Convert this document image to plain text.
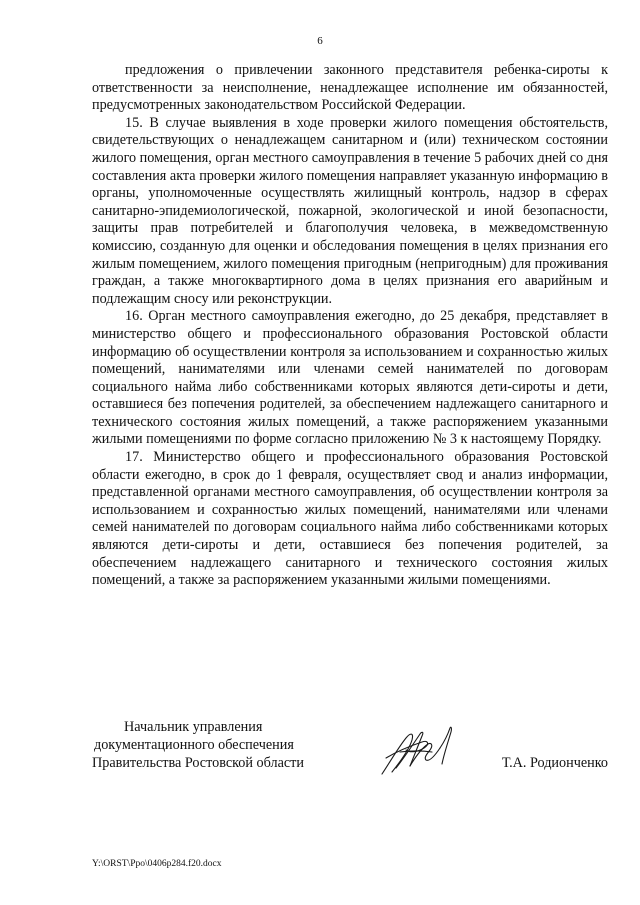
6

предложения о привлечении законного представителя ребенка-сироты к ответственности за неисполнение, ненадлежащее исполнение им обязанностей, предусмотренных законодательством Российской Федерации.

15. В случае выявления в ходе проверки жилого помещения обстоятельств, свидетельствующих о ненадлежащем санитарном и (или) техническом состоянии жилого помещения, орган местного самоуправления в течение 5 рабочих дней со дня составления акта проверки жилого помещения направляет указанную информацию в органы, уполномоченные осуществлять жилищный контроль, надзор в сферах санитарно-эпидемиологической, пожарной, экологической и иной безопасности, защиты прав потребителей и благополучия человека, в межведомственную комиссию, созданную для оценки и обследования помещения в целях признания его жилым помещением, жилого помещения пригодным (непригодным) для проживания граждан, а также многоквартирного дома в целях признания его аварийным и подлежащим сносу или реконструкции.

16. Орган местного самоуправления ежегодно, до 25 декабря, представляет в министерство общего и профессионального образования Ростовской области информацию об осуществлении контроля за использованием и сохранностью жилых помещений, нанимателями или членами семей нанимателей по договорам социального найма либо собственниками которых являются дети-сироты и дети, оставшиеся без попечения родителей, за обеспечением надлежащего санитарного и технического состояния жилых помещений, а также распоряжением указанными жилыми помещениями по форме согласно приложению № 3 к настоящему Порядку.

17. Министерство общего и профессионального образования Ростовской области ежегодно, в срок до 1 февраля, осуществляет свод и анализ информации, представленной органами местного самоуправления, об осуществлении контроля за использованием и сохранностью жилых помещений, нанимателями или членами семей нанимателей по договорам социального найма либо собственниками которых являются дети-сироты и дети, оставшиеся без попечения родителей, за обеспечением надлежащего санитарного и технического состояния жилых помещений, а также за распоряжением указанными жилыми помещениями.

Начальник управления
документационного обеспечения
Правительства Ростовской области	Т.А. Родионченко
Y:\ORST\Ppo\0406p284.f20.docx
